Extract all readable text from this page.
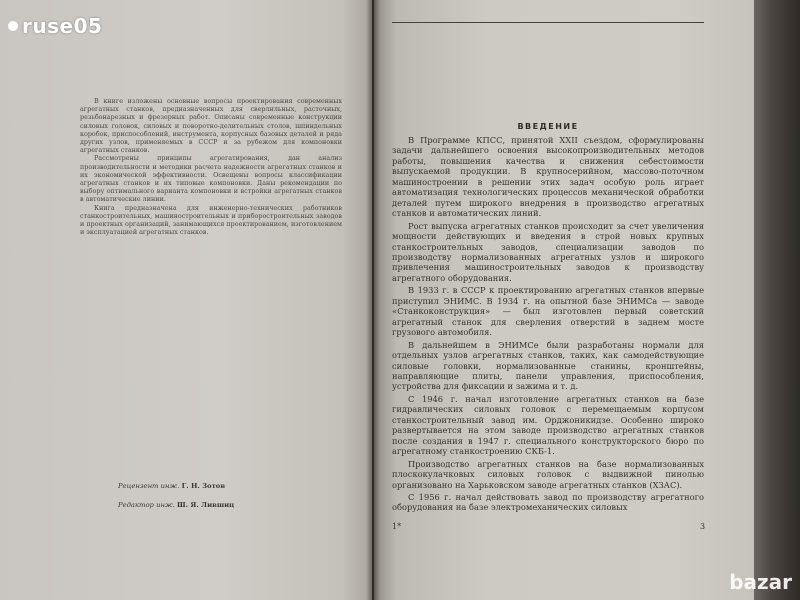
В книге изложены основные вопросы проектирования современных агрегатных станков, предназначенных для сверлильных, расточных, резьбонарезных и фрезерных работ. Описаны современные конструкции силовых головок, силовых и поворотно-делительных столов, шпиндельных коробок, приспособлений, инструмента, корпусных базовых деталей и ряда других узлов, применяемых в СССР и за рубежом для компоновки агрегатных станков.

Рассмотрены принципы агрегатирования, дан анализ производительности и методики расчета надежности агрегатных станков и их экономической эффективности. Освещены вопросы классификации агрегатных станков и их типовые компоновки. Даны рекомендации по выбору оптимального варианта компоновки и встройки агрегатных станков в автоматические линии.

Книга предназначена для инженерно-технических работников станкостроительных, машиностроительных и приборостроительных заводов и проектных организаций, занимающихся проектированием, изготовлением и эксплуатацией агрегатных станков.

Рецензент инж. Г. Н. Зотов
Редактор инж. Ш. Я. Лившиц
ВВЕДЕНИЕ

В Программе КПСС, принятой XXII съездом, сформулированы задачи дальнейшего освоения высокопроизводительных методов работы, повышения качества и снижения себестоимости выпускаемой продукции. В крупносерийном, массово-поточном машиностроении в решении этих задач особую роль играет автоматизация технологических процессов механической обработки деталей путем широкого внедрения в производство агрегатных станков и автоматических линий.

Рост выпуска агрегатных станков происходит за счет увеличения мощности действующих и введения в строй новых крупных станкостроительных заводов, специализации заводов по производству нормализованных агрегатных узлов и широкого привлечения машиностроительных заводов к производству агрегатного оборудования.

В 1933 г. в СССР к проектированию агрегатных станков впервые приступил ЭНИМС. В 1934 г. на опытной базе ЭНИМСа — заводе «Станкоконструкция» — был изготовлен первый советский агрегатный станок для сверления отверстий в заднем мосте грузового автомобиля.

В дальнейшем в ЭНИМСе были разработаны нормали для отдельных узлов агрегатных станков, таких, как самодействующие силовые головки, нормализованные станины, кронштейны, направляющие плиты, панели управления, приспособления, устройства для фиксации и зажима и т. д.

С 1946 г. начал изготовление агрегатных станков на базе гидравлических силовых головок с перемещаемым корпусом станкостроительный завод им. Орджоникидзе. Особенно широко развертывается на этом заводе производство агрегатных станков после создания в 1947 г. специального конструкторского бюро по агрегатному станкостроению СКБ-1.

Производство агрегатных станков на базе нормализованных плоскокулачковых силовых головок с выдвижной пинолью организовано на Харьковском заводе агрегатных станков (ХЗАС).

С 1956 г. начал действовать завод по производству агрегатного оборудования на базе электромеханических силовых

1*	3
ruse05
bazar
